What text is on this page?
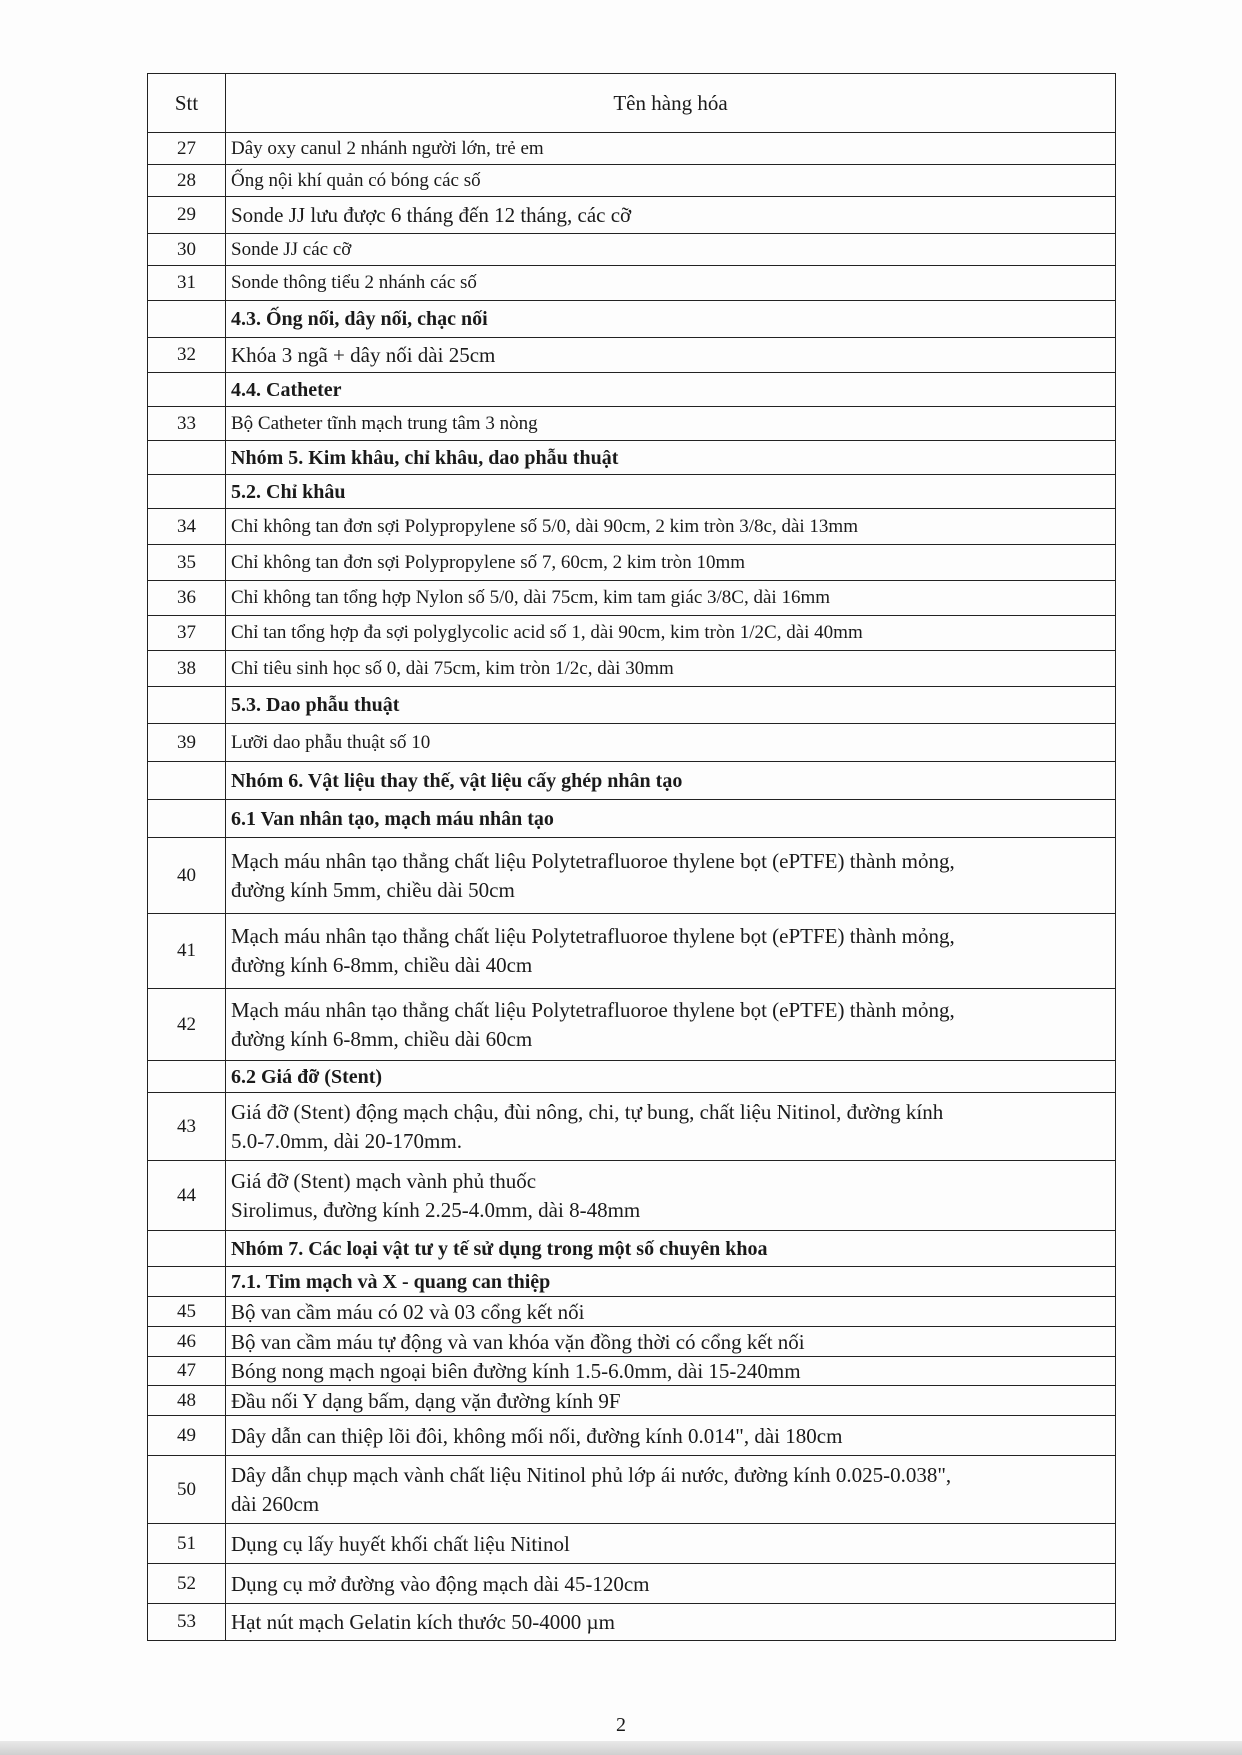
Stt	Tên hàng hóa
27	Dây oxy canul 2 nhánh người lớn, trẻ em
28	Ống nội khí quản có bóng các số
29	Sonde JJ lưu được 6 tháng đến 12 tháng, các cỡ
30	Sonde JJ các cỡ
31	Sonde thông tiểu 2 nhánh các số
	4.3. Ống nối, dây nối, chạc nối
32	Khóa 3 ngã + dây nối dài 25cm
	4.4. Catheter
33	Bộ Catheter tĩnh mạch trung tâm 3 nòng
	Nhóm 5. Kim khâu, chỉ khâu, dao phẫu thuật
	5.2. Chỉ khâu
34	Chỉ không tan đơn sợi Polypropylene số 5/0, dài 90cm, 2 kim tròn 3/8c, dài 13mm
35	Chỉ không tan đơn sợi Polypropylene số 7, 60cm, 2 kim tròn 10mm
36	Chỉ không tan tổng hợp Nylon số 5/0, dài 75cm, kim tam giác 3/8C, dài 16mm
37	Chỉ tan tổng hợp đa sợi polyglycolic acid số 1, dài 90cm, kim tròn 1/2C, dài 40mm
38	Chỉ tiêu sinh học số 0, dài 75cm, kim tròn 1/2c, dài 30mm
	5.3. Dao phẫu thuật
39	Lưỡi dao phẫu thuật số 10
	Nhóm 6. Vật liệu thay thế, vật liệu cấy ghép nhân tạo
	6.1 Van nhân tạo, mạch máu nhân tạo
40	Mạch máu nhân tạo thẳng chất liệu Polytetrafluoroe thylene bọt (ePTFE) thành mỏng,
đường kính 5mm, chiều dài 50cm

41	Mạch máu nhân tạo thẳng chất liệu Polytetrafluoroe thylene bọt (ePTFE) thành mỏng,
đường kính 6-8mm, chiều dài 40cm

42	Mạch máu nhân tạo thẳng chất liệu Polytetrafluoroe thylene bọt (ePTFE) thành mỏng,
đường kính 6-8mm, chiều dài 60cm

	6.2 Giá đỡ (Stent)
43	Giá đỡ (Stent) động mạch chậu, đùi nông, chi, tự bung, chất liệu Nitinol, đường kính
5.0-7.0mm, dài 20-170mm.

44	Giá đỡ (Stent) mạch vành phủ thuốc
Sirolimus, đường kính 2.25-4.0mm, dài 8-48mm

	Nhóm 7. Các loại vật tư y tế sử dụng trong một số chuyên khoa
	7.1. Tim mạch và X - quang can thiệp
45	Bộ van cầm máu có 02 và 03 cổng kết nối
46	Bộ van cầm máu tự động và van khóa vặn đồng thời có cổng kết nối
47	Bóng nong mạch ngoại biên đường kính 1.5-6.0mm, dài 15-240mm
48	Đầu nối Y dạng bấm, dạng vặn đường kính 9F
49	Dây dẫn can thiệp lõi đôi, không mối nối, đường kính 0.014", dài 180cm
50	Dây dẫn chụp mạch vành chất liệu Nitinol phủ lớp ái nước, đường kính 0.025-0.038",
dài 260cm

51	Dụng cụ lấy huyết khối chất liệu Nitinol
52	Dụng cụ mở đường vào động mạch dài 45-120cm
53	Hạt nút mạch Gelatin kích thước 50-4000 µm
2
